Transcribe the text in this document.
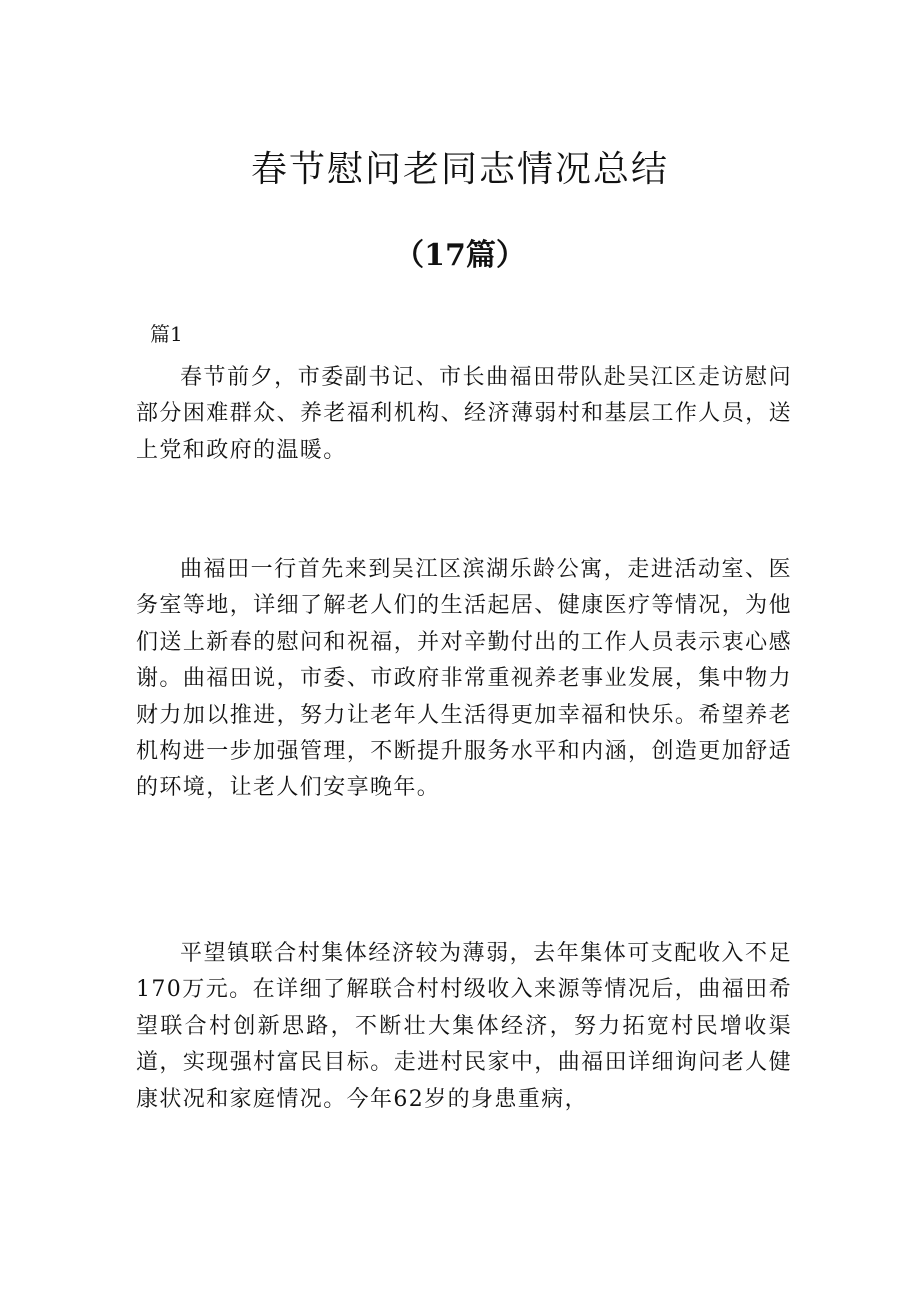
春节慰问老同志情况总结
（17篇）
篇1

春节前夕，市委副书记、市长曲福田带队赴吴江区走访慰问部分困难群众、养老福利机构、经济薄弱村和基层工作人员，送上党和政府的温暖。

曲福田一行首先来到吴江区滨湖乐龄公寓，走进活动室、医务室等地，详细了解老人们的生活起居、健康医疗等情况，为他们送上新春的慰问和祝福，并对辛勤付出的工作人员表示衷心感谢。曲福田说，市委、市政府非常重视养老事业发展，集中物力财力加以推进，努力让老年人生活得更加幸福和快乐。希望养老机构进一步加强管理，不断提升服务水平和内涵，创造更加舒适的环境，让老人们安享晚年。

平望镇联合村集体经济较为薄弱，去年集体可支配收入不足170万元。在详细了解联合村村级收入来源等情况后，曲福田希望联合村创新思路，不断壮大集体经济，努力拓宽村民增收渠道，实现强村富民目标。走进村民家中，曲福田详细询问老人健康状况和家庭情况。今年62岁的身患重病，
